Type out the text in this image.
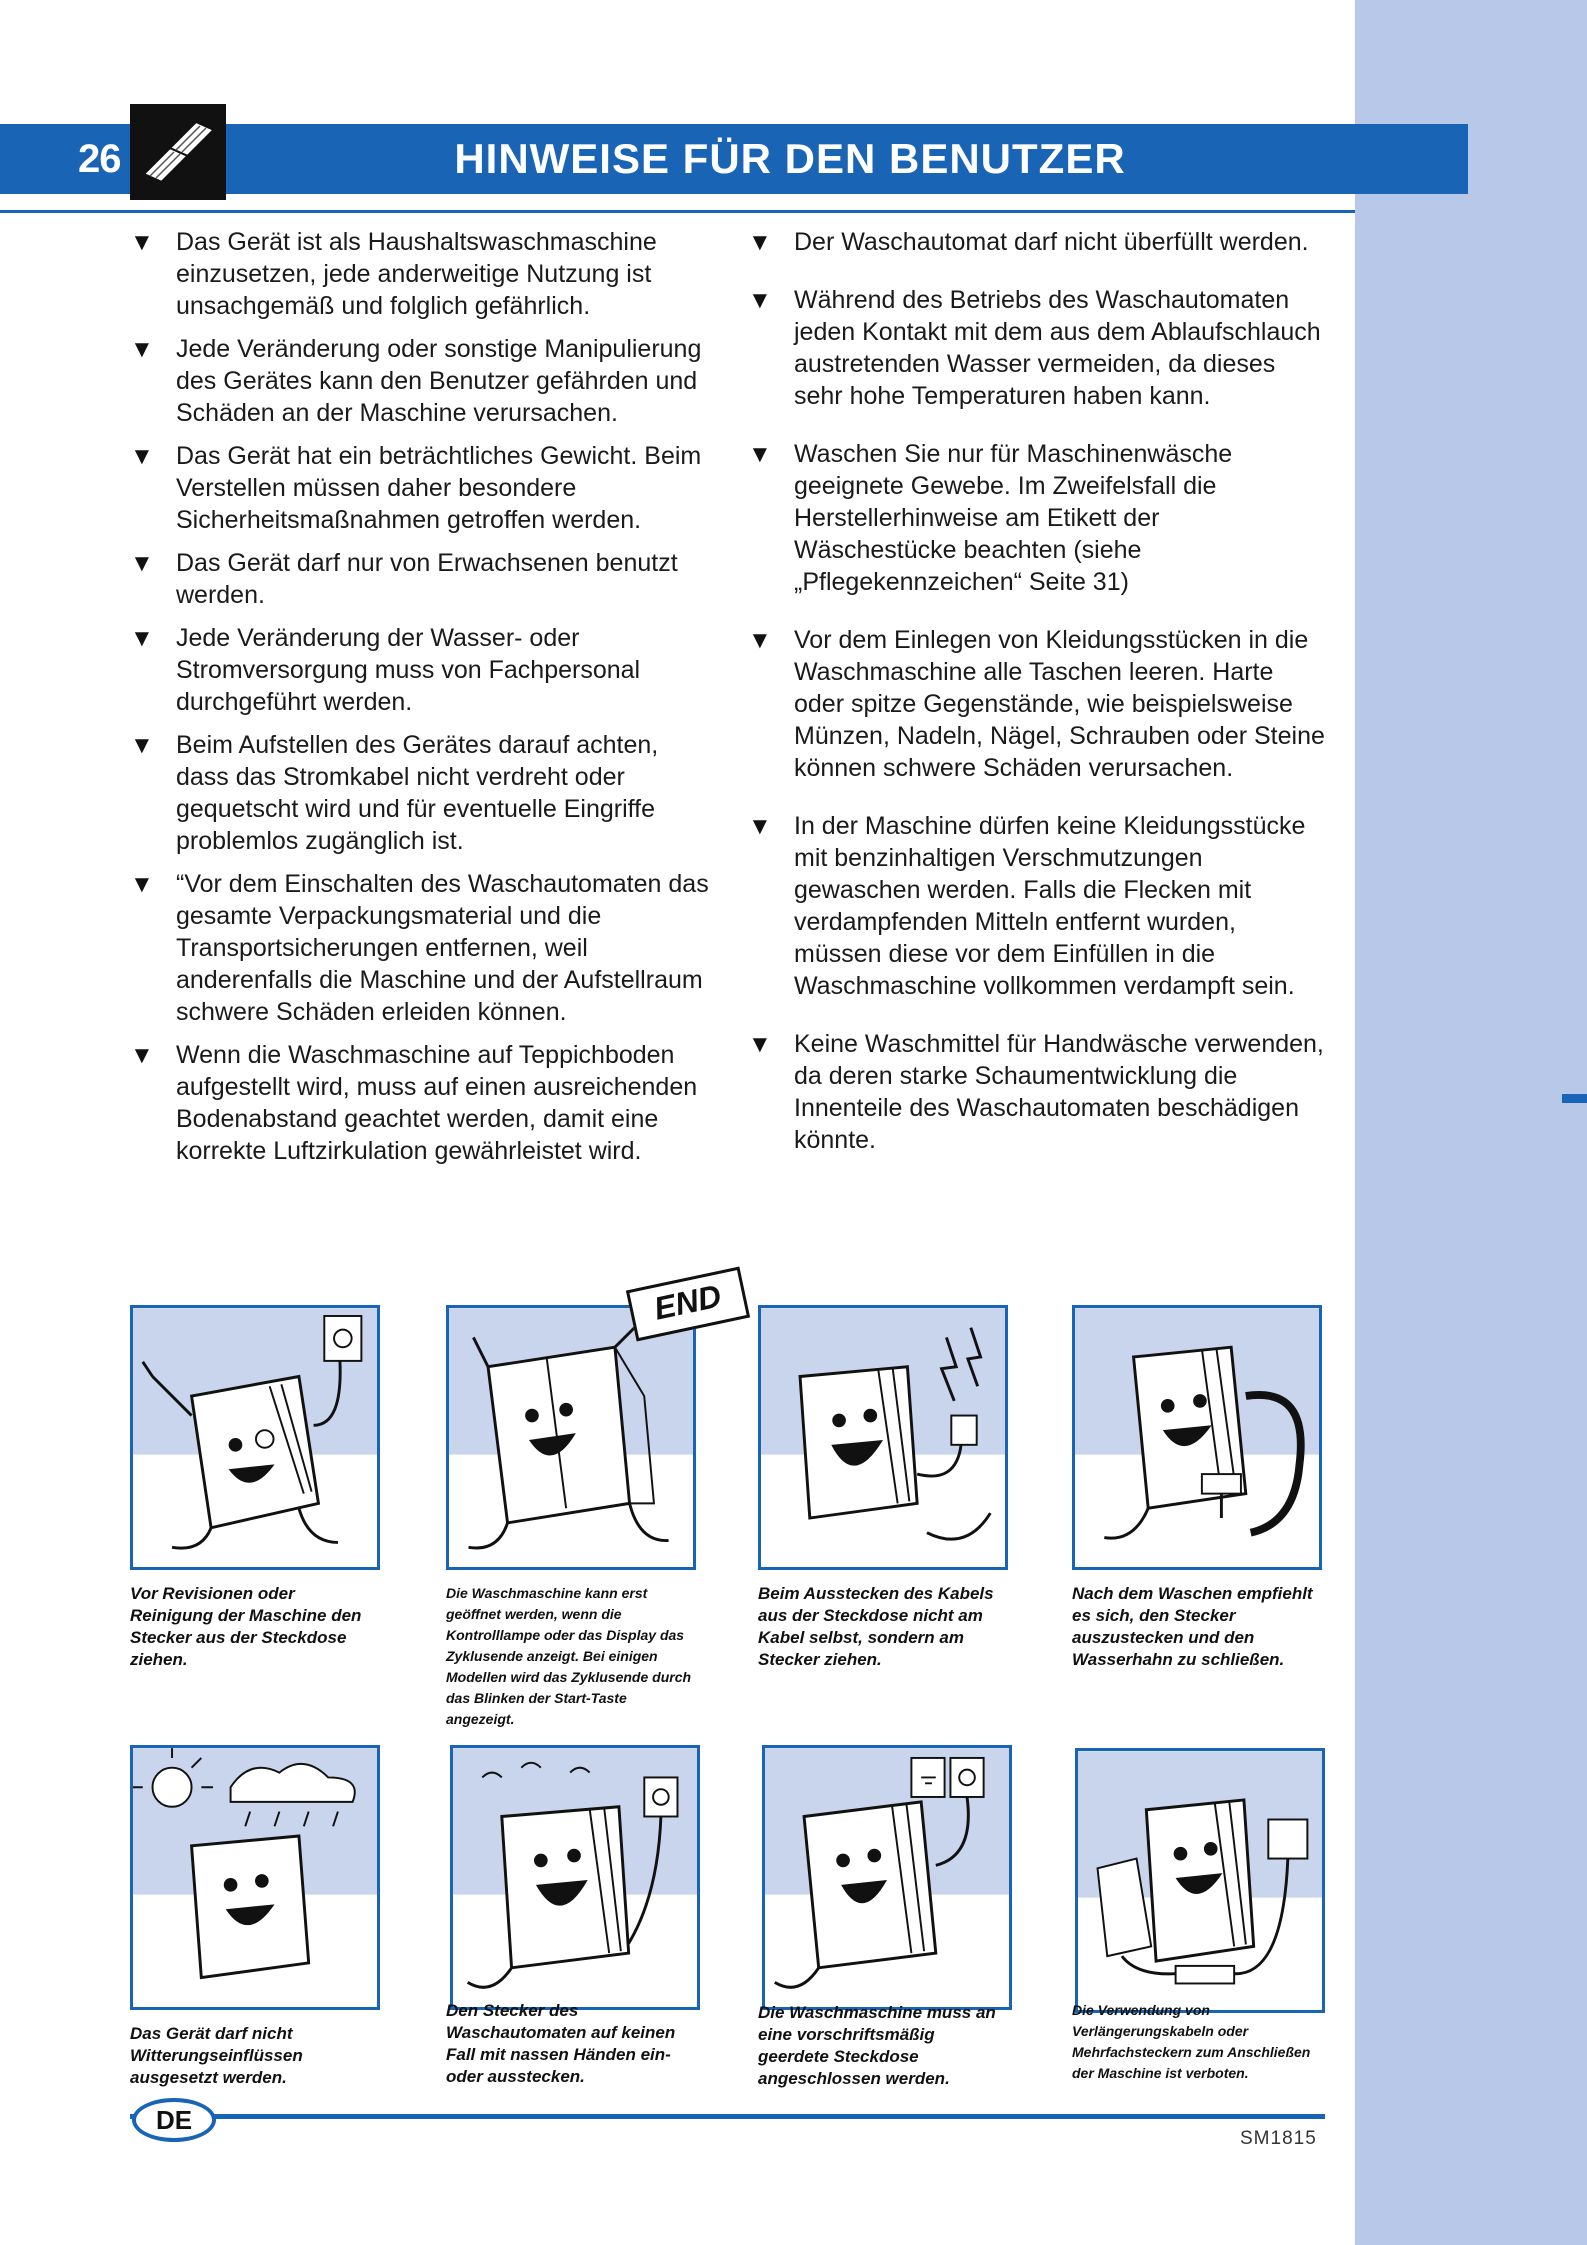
26	HINWEISE FÜR DEN BENUTZER
▼ Das Gerät ist als Haushaltswaschmaschine einzusetzen, jede anderweitige Nutzung ist unsachgemäß und folglich gefährlich.
▼ Jede Veränderung oder sonstige Manipulierung des Gerätes kann den Benutzer gefährden und Schäden an der Maschine verursachen.
▼ Das Gerät hat ein beträchtliches Gewicht. Beim Verstellen müssen daher besondere Sicherheitsmaßnahmen getroffen werden.
▼ Das Gerät darf nur von Erwachsenen benutzt werden.
▼ Jede Veränderung der Wasser- oder Stromversorgung muss von Fachpersonal durchgeführt werden.
▼ Beim Aufstellen des Gerätes darauf achten, dass das Stromkabel nicht verdreht oder gequetscht wird und für eventuelle Eingriffe problemlos zugänglich ist.
▼ “Vor dem Einschalten des Waschautomaten das gesamte Verpackungsmaterial und die Transportsicherungen entfernen, weil anderenfalls die Maschine und der Aufstellraum schwere Schäden erleiden können.
▼ Wenn die Waschmaschine auf Teppichboden aufgestellt wird, muss auf einen ausreichenden Bodenabstand geachtet werden, damit eine korrekte Luftzirkulation gewährleistet wird.
▼ Der Waschautomat darf nicht überfüllt werden.
▼ Während des Betriebs des Waschautomaten jeden Kontakt mit dem aus dem Ablaufschlauch austretenden Wasser vermeiden, da dieses sehr hohe Temperaturen haben kann.
▼ Waschen Sie nur für Maschinenwäsche geeignete Gewebe. Im Zweifelsfall die Herstellerhinweise am Etikett der Wäschestücke beachten (siehe „Pflegekennzeichen“ Seite 31)
▼ Vor dem Einlegen von Kleidungsstücken in die Waschmaschine alle Taschen leeren. Harte oder spitze Gegenstände, wie beispielsweise Münzen, Nadeln, Nägel, Schrauben oder Steine können schwere Schäden verursachen.
▼ In der Maschine dürfen keine Kleidungsstücke mit benzinhaltigen Verschmutzungen gewaschen werden. Falls die Flecken mit verdampfenden Mitteln entfernt wurden, müssen diese vor dem Einfüllen in die Waschmaschine vollkommen verdampft sein.
▼ Keine Waschmittel für Handwäsche verwenden, da deren starke Schaumentwicklung die Innenteile des Waschautomaten beschädigen könnte.
Vor Revisionen oder Reinigung der Maschine den Stecker aus der Steckdose ziehen.
END
Die Waschmaschine kann erst geöffnet werden, wenn die Kontrolllampe oder das Display das Zyklusende anzeigt. Bei einigen Modellen wird das Zyklusende durch das Blinken der Start-Taste angezeigt.
Beim Ausstecken des Kabels aus der Steckdose nicht am Kabel selbst, sondern am Stecker ziehen.
Nach dem Waschen empfiehlt es sich, den Stecker auszustecken und den Wasserhahn zu schließen.
Das Gerät darf nicht Witterungseinflüssen ausgesetzt werden.
Den Stecker des Waschautomaten auf keinen Fall mit nassen Händen ein- oder ausstecken.
Die Waschmaschine muss an eine vorschriftsmäßig geerdete Steckdose angeschlossen werden.
Die Verwendung von Verlängerungskabeln oder Mehrfachsteckern zum Anschließen der Maschine ist verboten.
DE
SM1815
